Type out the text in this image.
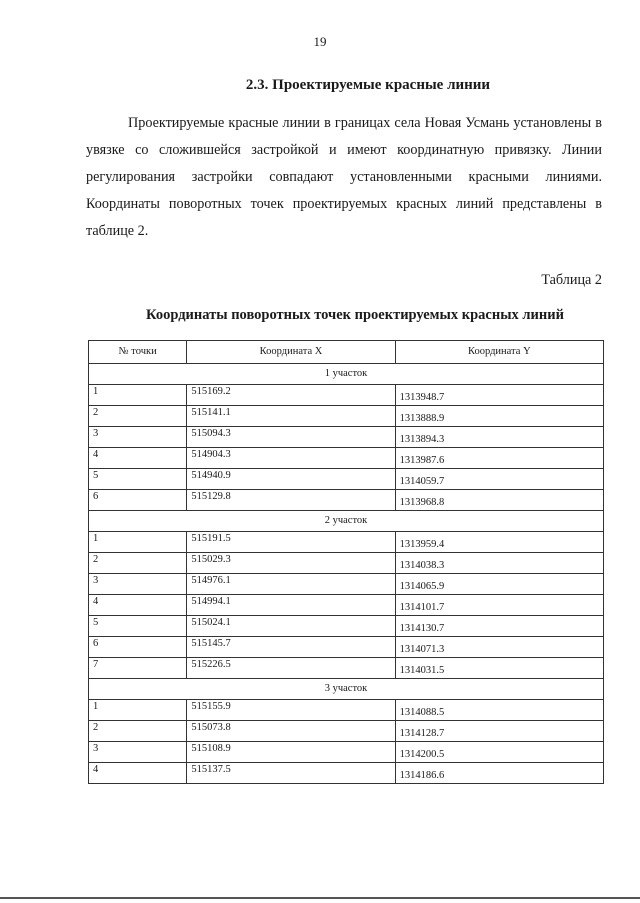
19
2.3. Проектируемые красные линии

Проектируемые красные линии в границах села Новая Усмань установлены в увязке со сложившейся застройкой и имеют координатную привязку. Линии регулирования застройки совпадают установленными красными линиями. Координаты поворотных точек проектируемых красных линий представлены в таблице 2.

Таблица 2
Координаты поворотных точек проектируемых красных линий
№ точки	Координата X	Координата Y
1 участок		
1	515169.2	1313948.7
2	515141.1	1313888.9
3	515094.3	1313894.3
4	514904.3	1313987.6
5	514940.9	1314059.7
6	515129.8	1313968.8
2 участок		
1	515191.5	1313959.4
2	515029.3	1314038.3
3	514976.1	1314065.9
4	514994.1	1314101.7
5	515024.1	1314130.7
6	515145.7	1314071.3
7	515226.5	1314031.5
3 участок		
1	515155.9	1314088.5
2	515073.8	1314128.7
3	515108.9	1314200.5
4	515137.5	1314186.6
